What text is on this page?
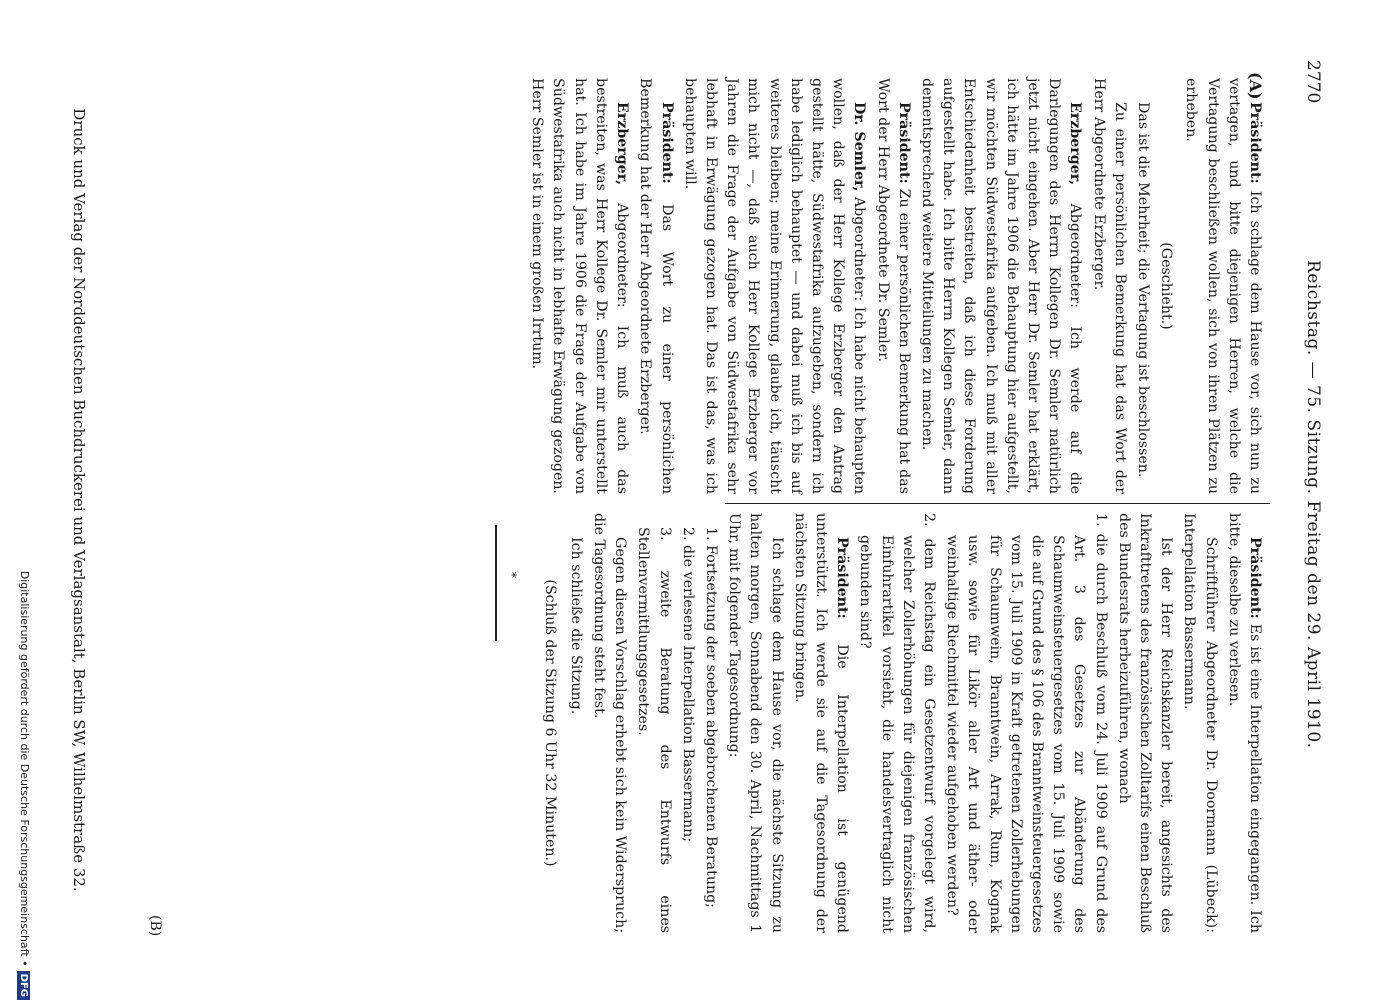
2770
Reichstag. — 75. Sitzung. Freitag den 29. April 1910.
(A)
(B)

Präsident: Ich schlage dem Hause vor, sich nun zu vertagen, und bitte diejenigen Herren, welche die Vertagung beschließen wollen, sich von ihren Plätzen zu erheben.

(Geschieht.)

Das ist die Mehrheit; die Vertagung ist beschlossen.

Zu einer persönlichen Bemerkung hat das Wort der Herr Abgeordnete Erzberger.

Erzberger, Abgeordneter: Ich werde auf die Darlegungen des Herrn Kollegen Dr. Semler natürlich jetzt nicht eingehen. Aber Herr Dr. Semler hat erklärt, ich hätte im Jahre 1906 die Behauptung hier aufgestellt, wir möchten Südwestafrika aufgeben. Ich muß mit aller Entschiedenheit bestreiten, daß ich diese Forderung aufgestellt habe. Ich bitte Herrn Kollegen Semler, dann dementsprechend weitere Mitteilungen zu machen.

Präsident: Zu einer persönlichen Bemerkung hat das Wort der Herr Abgeordnete Dr. Semler.

Dr. Semler, Abgeordneter: Ich habe nicht behaupten wollen, daß der Herr Kollege Erzberger den Antrag gestellt hätte, Südwestafrika aufzugeben, sondern ich habe lediglich behauptet — und dabei muß ich bis auf weiteres bleiben; meine Erinnerung, glaube ich, täuscht mich nicht —, daß auch Herr Kollege Erzberger vor Jahren die Frage der Aufgabe von Südwestafrika sehr lebhaft in Erwägung gezogen hat. Das ist das, was ich behaupten will.

Präsident: Das Wort zu einer persönlichen Bemerkung hat der Herr Abgeordnete Erzberger.

Erzberger, Abgeordneter: Ich muß auch das bestreiten, was Herr Kollege Dr. Semler mir unterstellt hat. Ich habe im Jahre 1906 die Frage der Aufgabe von Südwestafrika auch nicht in lebhafte Erwägung gezogen. Herr Semler ist in einem großen Irrtum.

Präsident: Es ist eine Interpellation eingegangen. Ich bitte, dieselbe zu verlesen.

Schriftführer Abgeordneter Dr. Doormann (Lübeck): Interpellation Bassermann.

Ist der Herr Reichskanzler bereit, angesichts des Inkrafttretens des französischen Zolltarifs einen Beschluß des Bundesrats herbeizuführen, wonach

1. die durch Beschluß vom 24. Juli 1909 auf Grund des Art. 3 des Gesetzes zur Abänderung des Schaumweinsteuergesetzes vom 15. Juli 1909 sowie die auf Grund des § 106 des Branntweinsteuergesetzes vom 15. Juli 1909 in Kraft getretenen Zollerhebungen für Schaumwein, Branntwein, Arrak, Rum, Kognak usw. sowie für Likör aller Art und äther- oder weinhaltige Riechmittel wieder aufgehoben werden?

2. dem Reichstag ein Gesetzentwurf vorgelegt wird, welcher Zollerhöhungen für diejenigen französischen Einfuhrartikel vorsieht, die handelsvertraglich nicht gebunden sind?

Präsident: Die Interpellation ist genügend unterstützt. Ich werde sie auf die Tagesordnung der nächsten Sitzung bringen.

Ich schlage dem Hause vor, die nächste Sitzung zu halten morgen, Sonnabend den 30. April, Nachmittags 1 Uhr, mit folgender Tagesordnung:

1. Fortsetzung der soeben abgebrochenen Beratung;

2. die verlesene Interpellation Bassermann;

3. zweite Beratung des Entwurfs eines Stellenvermittlungsgesetzes.

Gegen diesen Vorschlag erhebt sich kein Widerspruch; die Tagesordnung steht fest.

Ich schließe die Sitzung.

(Schluß der Sitzung 6 Uhr 32 Minuten.)

Druck und Verlag der Norddeutschen Buchdruckerei und Verlagsanstalt, Berlin SW, Wilhelmstraße 32.
Digitalisierung gefördert durch die Deutsche Forschungsgemeinschaft •DFG
*
